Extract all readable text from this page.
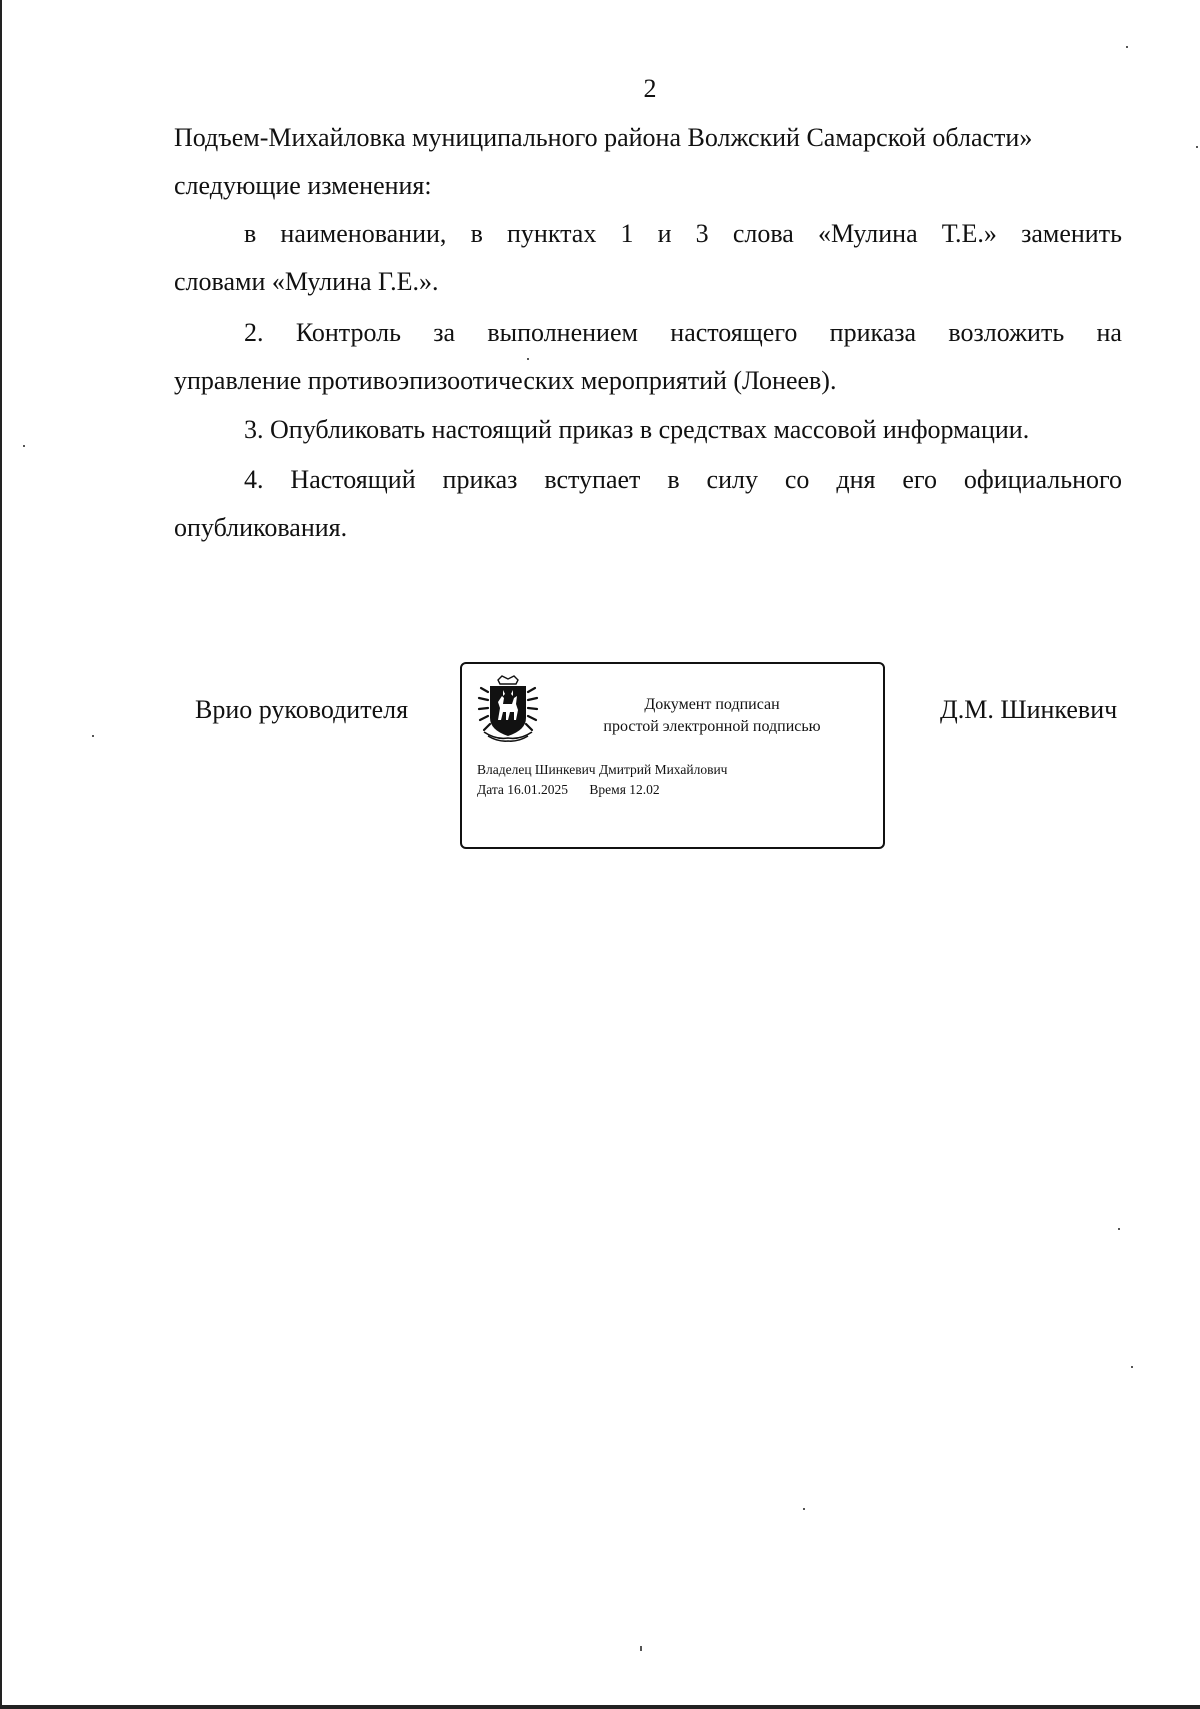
2
Подъем-Михайловка муниципального района Волжский Самарской области»
следующие изменения:
в наименовании, в пунктах 1 и 3 слова «Мулина Т.Е.» заменить
словами «Мулина Г.Е.».
2. Контроль за выполнением настоящего приказа возложить на
управление противоэпизоотических мероприятий (Лонеев).
3. Опубликовать настоящий приказ в средствах массовой информации.
4. Настоящий приказ вступает в силу со дня его официального
опубликования.
Врио руководителя	Д.М. Шинкевич
Документ подписан
простой электронной подписью
Владелец Шинкевич Дмитрий Михайлович
Дата 16.01.2025 Время 12.02
